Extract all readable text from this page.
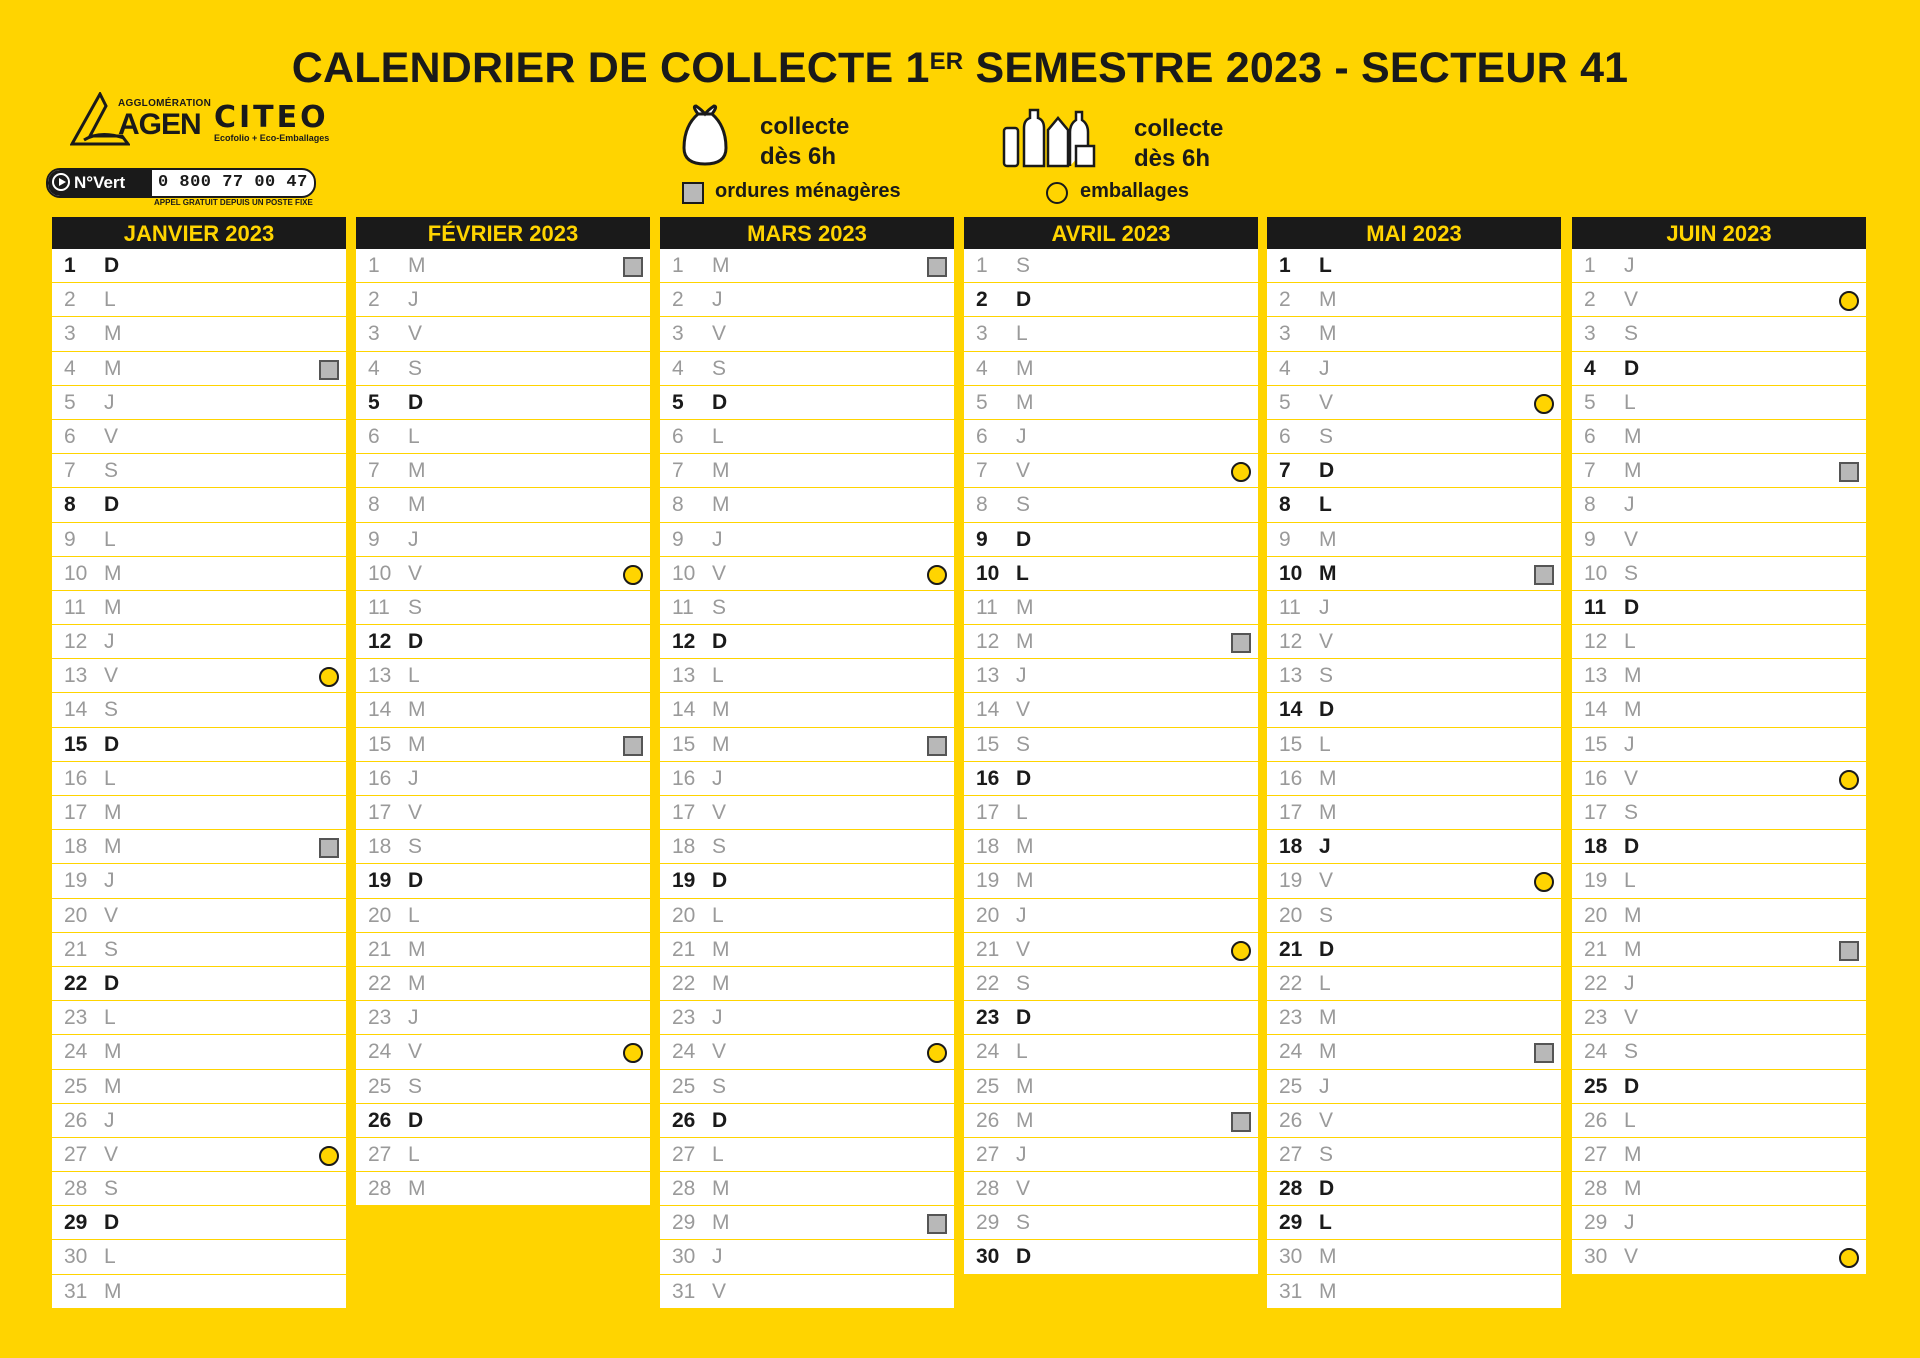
CALENDRIER DE COLLECTE 1ER SEMESTRE 2023 - SECTEUR 41
AGGLOMÉRATION
AGEN CITEO
Ecofolio + Eco-Emballages
N°Vert	0 800 77 00 47
APPEL GRATUIT DEPUIS UN POSTE FIXE
collecte
dès 6h
ordures ménagères
collecte
dès 6h
emballages
JANVIER 2023
1 D
2 L
3 M
4 M
5 J
6 V
7 S
8 D
9 L
10 M
11 M
12 J
13 V
14 S
15 D
16 L
17 M
18 M
19 J
20 V
21 S
22 D
23 L
24 M
25 M
26 J
27 V
28 S
29 D
30 L
31 M
FÉVRIER 2023
1 M
2 J
3 V
4 S
5 D
6 L
7 M
8 M
9 J
10 V
11 S
12 D
13 L
14 M
15 M
16 J
17 V
18 S
19 D
20 L
21 M
22 M
23 J
24 V
25 S
26 D
27 L
28 M
MARS 2023
1 M
2 J
3 V
4 S
5 D
6 L
7 M
8 M
9 J
10 V
11 S
12 D
13 L
14 M
15 M
16 J
17 V
18 S
19 D
20 L
21 M
22 M
23 J
24 V
25 S
26 D
27 L
28 M
29 M
30 J
31 V
AVRIL 2023
1 S
2 D
3 L
4 M
5 M
6 J
7 V
8 S
9 D
10 L
11 M
12 M
13 J
14 V
15 S
16 D
17 L
18 M
19 M
20 J
21 V
22 S
23 D
24 L
25 M
26 M
27 J
28 V
29 S
30 D
MAI 2023
1 L
2 M
3 M
4 J
5 V
6 S
7 D
8 L
9 M
10 M
11 J
12 V
13 S
14 D
15 L
16 M
17 M
18 J
19 V
20 S
21 D
22 L
23 M
24 M
25 J
26 V
27 S
28 D
29 L
30 M
31 M
JUIN 2023
1 J
2 V
3 S
4 D
5 L
6 M
7 M
8 J
9 V
10 S
11 D
12 L
13 M
14 M
15 J
16 V
17 S
18 D
19 L
20 M
21 M
22 J
23 V
24 S
25 D
26 L
27 M
28 M
29 J
30 V
